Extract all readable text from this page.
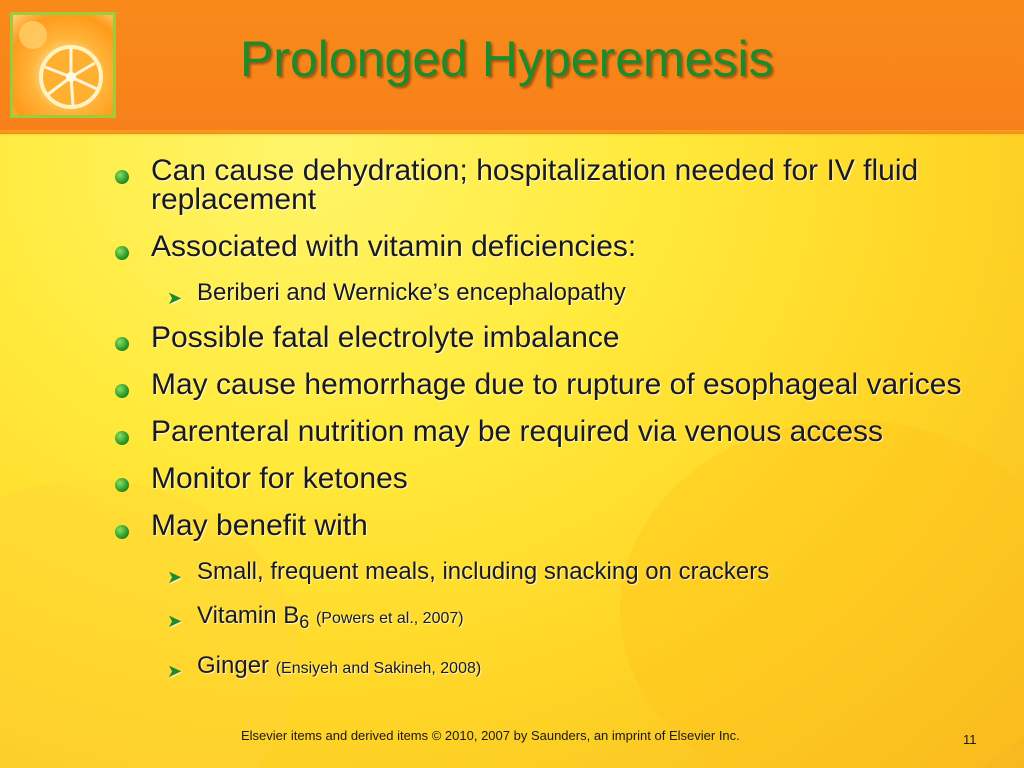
Prolonged Hyperemesis
Can cause dehydration; hospitalization needed for IV fluid replacement
Associated with vitamin deficiencies:
➤ Beriberi and Wernicke’s encephalopathy
Possible fatal electrolyte imbalance
May cause hemorrhage due to rupture of esophageal varices
Parenteral nutrition may be required via venous access
Monitor for ketones
May benefit with
➤ Small, frequent meals, including snacking on crackers
➤ Vitamin $B_6$ (Powers et al., 2007)
➤ Ginger (Ensiyeh and Sakineh, 2008)
Elsevier items and derived items © 2010, 2007 by Saunders, an imprint of Elsevier Inc.	11
